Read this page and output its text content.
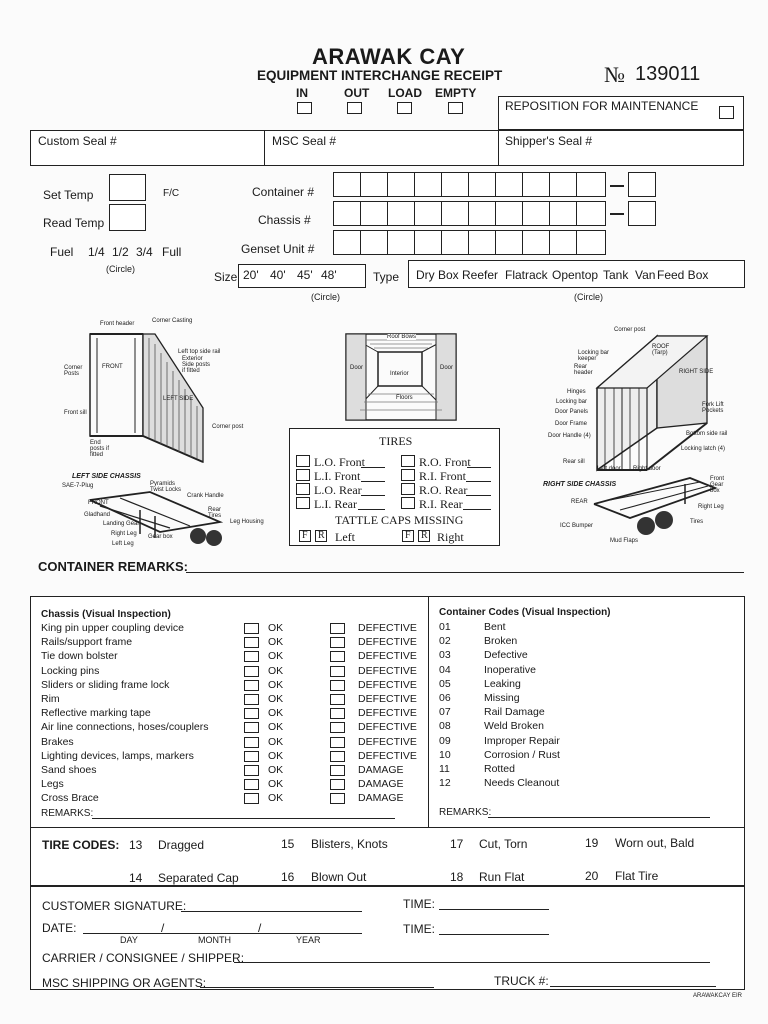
ARAWAK CAY
EQUIPMENT INTERCHANGE RECEIPT	№ 139011
IN	OUT LOAD EMPTY
REPOSITION FOR MAINTENANCE
Custom Seal #	MSC Seal #	Shipper's Seal #
Set Temp	F/C
Read Temp
Fuel 1/4 1/2 3/4 Full
(Circle)
Container #
Chassis #
Genset Unit #
Size 20' 40' 45' 48'
(Circle)
Type Dry Box Reefer Flatrack Opentop Tank Van Feed Box
(Circle)
Front header	Corner Casting
Corner Posts
FRONT
Left top side rail
Exterior Side posts if fitted
LEFT SIDE
Front sill
Corner post
End posts if fitted
LEFT SIDE CHASSIS
SAE-7-Plug	Pyramids Twist Locks
Crank Handle
FRONT
Gladhand
Rear Tires
Landing Gear
Right Leg
Left Leg
Gear box
Leg Housing
Roof Bows
Door
Interior
Door
Floors
TIRES
L.O. Front
L.I. Front
L.O. Rear
L.I. Rear
R.O. Front
R.I. Front
R.O. Rear
R.I. Rear
TATTLE CAPS MISSING
F R Left	F R Right
Corner post
ROOF (Tarp)
Locking bar keeper
Rear header	RIGHT SIDE
Hinges
Locking bar
Door Panels
Door Frame
Door Handle (4)
Fork Lift Pockets
Bottom side rail
Locking latch (4)
Rear sill
Left door Right door
RIGHT SIDE CHASSIS
Front Gear box
REAR
Right Leg
Tires
ICC Bumper
Mud Flaps
CONTAINER REMARKS:
Chassis (Visual Inspection)
King pin upper coupling device	OK	DEFECTIVE
Rails/support frame	OK	DEFECTIVE
Tie down bolster	OK	DEFECTIVE
Locking pins	OK	DEFECTIVE
Sliders or sliding frame lock	OK	DEFECTIVE
Rim	OK	DEFECTIVE
Reflective marking tape	OK	DEFECTIVE
Air line connections, hoses/couplers	OK	DEFECTIVE
Brakes	OK	DEFECTIVE
Lighting devices, lamps, markers	OK	DEFECTIVE
Sand shoes	OK	DAMAGE
Legs	OK	DAMAGE
Cross Brace	OK	DAMAGE
REMARKS:
Container Codes (Visual Inspection)
01	Bent
02	Broken
03	Defective
04	Inoperative
05	Leaking
06	Missing
07	Rail Damage
08	Weld Broken
09	Improper Repair
10	Corrosion / Rust
11	Rotted
12	Needs Cleanout
REMARKS:
TIRE CODES: 13 Dragged	15 Blisters, Knots	17 Cut, Torn	19 Worn out, Bald
14 Separated Cap	16 Blown Out	18 Run Flat	20 Flat Tire
CUSTOMER SIGNATURE:	TIME:
DATE:	/	/
DAY	MONTH	YEAR
TIME:
CARRIER / CONSIGNEE / SHIPPER:
MSC SHIPPING OR AGENTS:	TRUCK #:
ARAWAKCAY EIR
